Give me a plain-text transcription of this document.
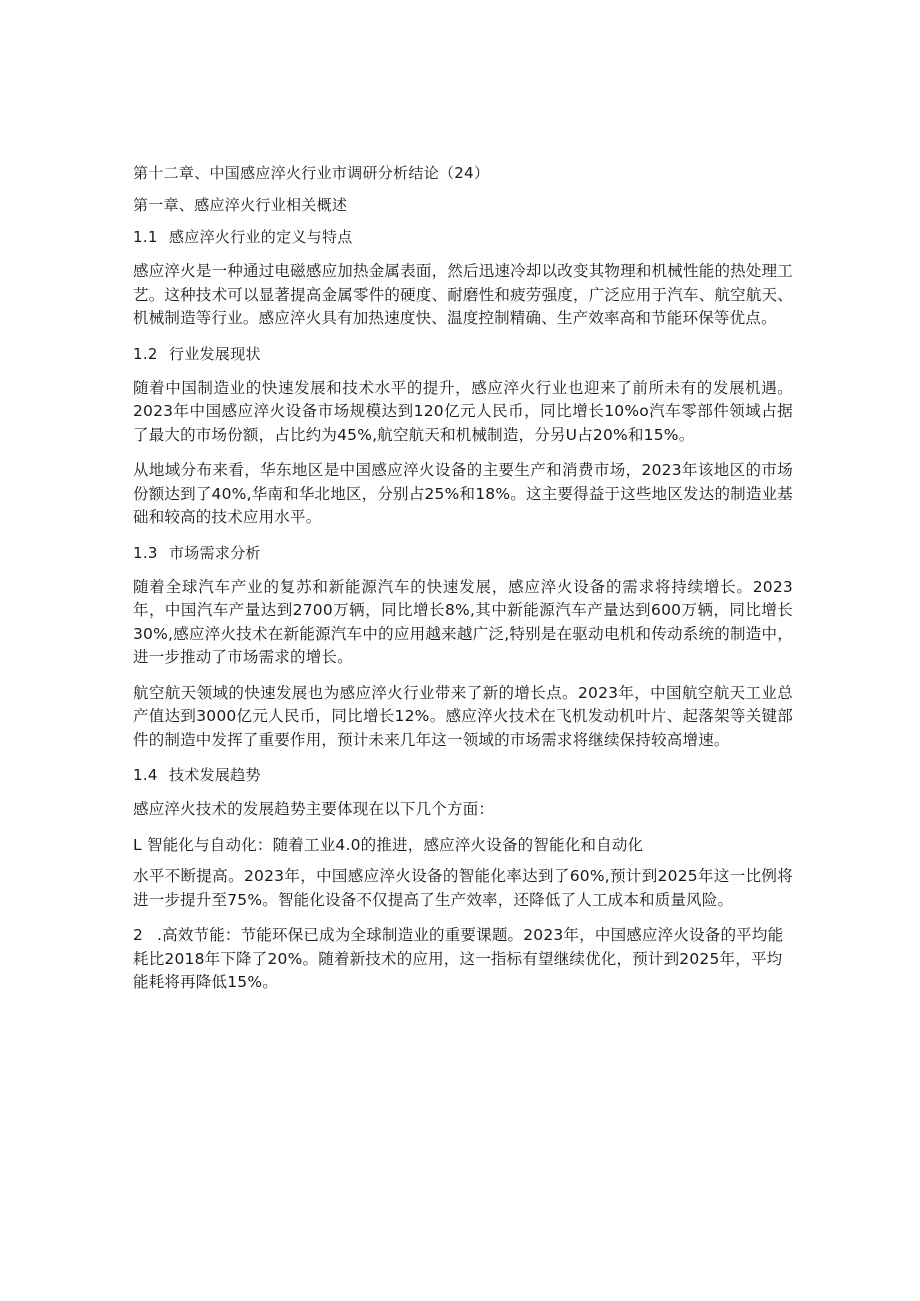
第十二章、中国感应淬火行业市调研分析结论（24）

第一章、感应淬火行业相关概述

1.1 感应淬火行业的定义与特点

感应淬火是一种通过电磁感应加热金属表面，然后迅速冷却以改变其物理和机械性能的热处理工艺。这种技术可以显著提高金属零件的硬度、耐磨性和疲劳强度，广泛应用于汽车、航空航天、机械制造等行业。感应淬火具有加热速度快、温度控制精确、生产效率高和节能环保等优点。

1.2 行业发展现状

随着中国制造业的快速发展和技术水平的提升，感应淬火行业也迎来了前所未有的发展机遇。2023年中国感应淬火设备市场规模达到120亿元人民币，同比增长10%o汽车零部件领域占据了最大的市场份额，占比约为45%,航空航天和机械制造，分另U占20%和15%。

从地域分布来看，华东地区是中国感应淬火设备的主要生产和消费市场，2023年该地区的市场份额达到了40%,华南和华北地区，分别占25%和18%。这主要得益于这些地区发达的制造业基础和较高的技术应用水平。

1.3 市场需求分析

随着全球汽车产业的复苏和新能源汽车的快速发展，感应淬火设备的需求将持续增长。2023年，中国汽车产量达到2700万辆，同比增长8%,其中新能源汽车产量达到600万辆，同比增长30%,感应淬火技术在新能源汽车中的应用越来越广泛,特别是在驱动电机和传动系统的制造中，进一步推动了市场需求的增长。

航空航天领域的快速发展也为感应淬火行业带来了新的增长点。2023年，中国航空航天工业总产值达到3000亿元人民币，同比增长12%。感应淬火技术在飞机发动机叶片、起落架等关键部件的制造中发挥了重要作用，预计未来几年这一领域的市场需求将继续保持较高增速。

1.4 技术发展趋势

感应淬火技术的发展趋势主要体现在以下几个方面：

L 智能化与自动化：随着工业4.0的推进，感应淬火设备的智能化和自动化

水平不断提高。2023年，中国感应淬火设备的智能化率达到了60%,预计到2025年这一比例将进一步提升至75%。智能化设备不仅提高了生产效率，还降低了人工成本和质量风险。

2 .高效节能：节能环保已成为全球制造业的重要课题。2023年，中国感应淬火设备的平均能耗比2018年下降了20%。随着新技术的应用，这一指标有望继续优化，预计到2025年，平均能耗将再降低15%。
